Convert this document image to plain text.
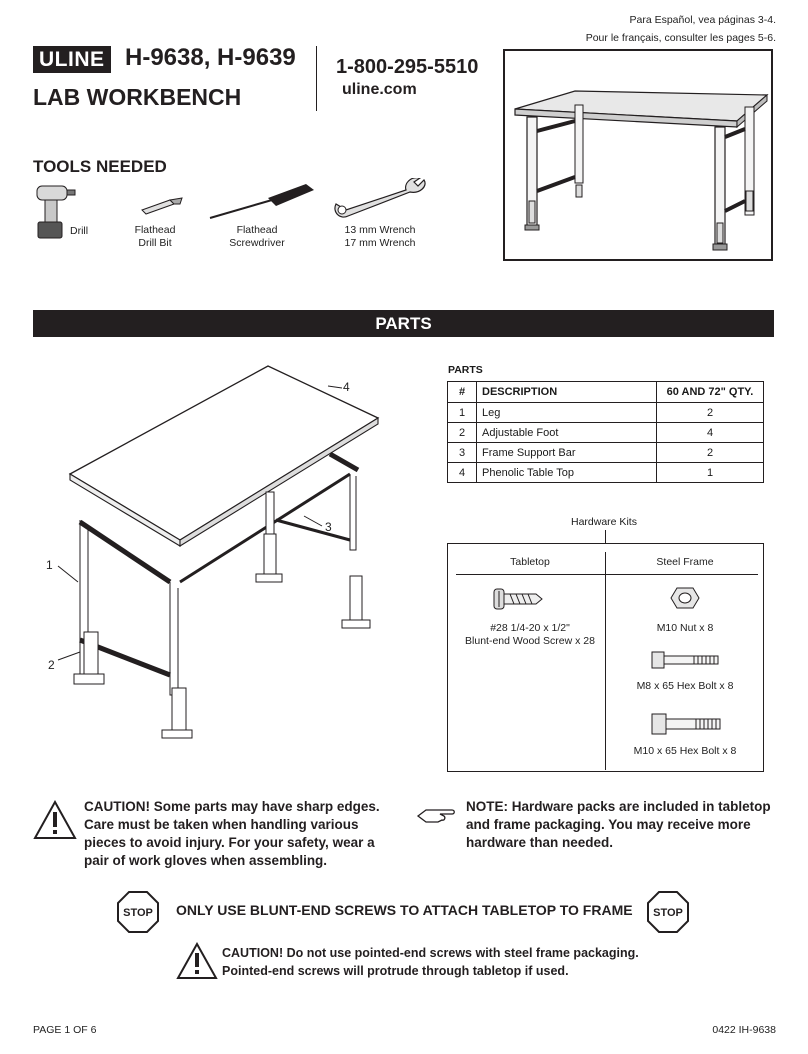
Para Español, vea páginas 3-4.
Pour le français, consulter les pages 5-6.
ULINE H-9638, H-9639
LAB WORKBENCH
1-800-295-5510
uline.com
TOOLS NEEDED
Drill	Flathead
Drill Bit
Flathead
Screwdriver
13 mm Wrench
17 mm Wrench
PARTS
4
1
2
3
PARTS
#	DESCRIPTION	60 AND 72" QTY.
1	Leg	2
2	Adjustable Foot	4
3	Frame Support Bar	2
4	Phenolic Table Top	1
Hardware Kits
Tabletop	Steel Frame
#28 1/4-20 x 1/2"
Blunt-end Wood Screw x 28
M10 Nut x 8
M8 x 65 Hex Bolt x 8
M10 x 65 Hex Bolt x 8
CAUTION! Some parts may have sharp edges.
Care must be taken when handling various
pieces to avoid injury. For your safety, wear a
pair of work gloves when assembling.
NOTE: Hardware packs are included in tabletop
and frame packaging. You may receive more
hardware than needed.
STOP ONLY USE BLUNT-END SCREWS TO ATTACH TABLETOP TO FRAME STOP
CAUTION! Do not use pointed-end screws with steel frame packaging.
Pointed-end screws will protrude through tabletop if used.
PAGE 1 OF 6	0422 IH-9638
